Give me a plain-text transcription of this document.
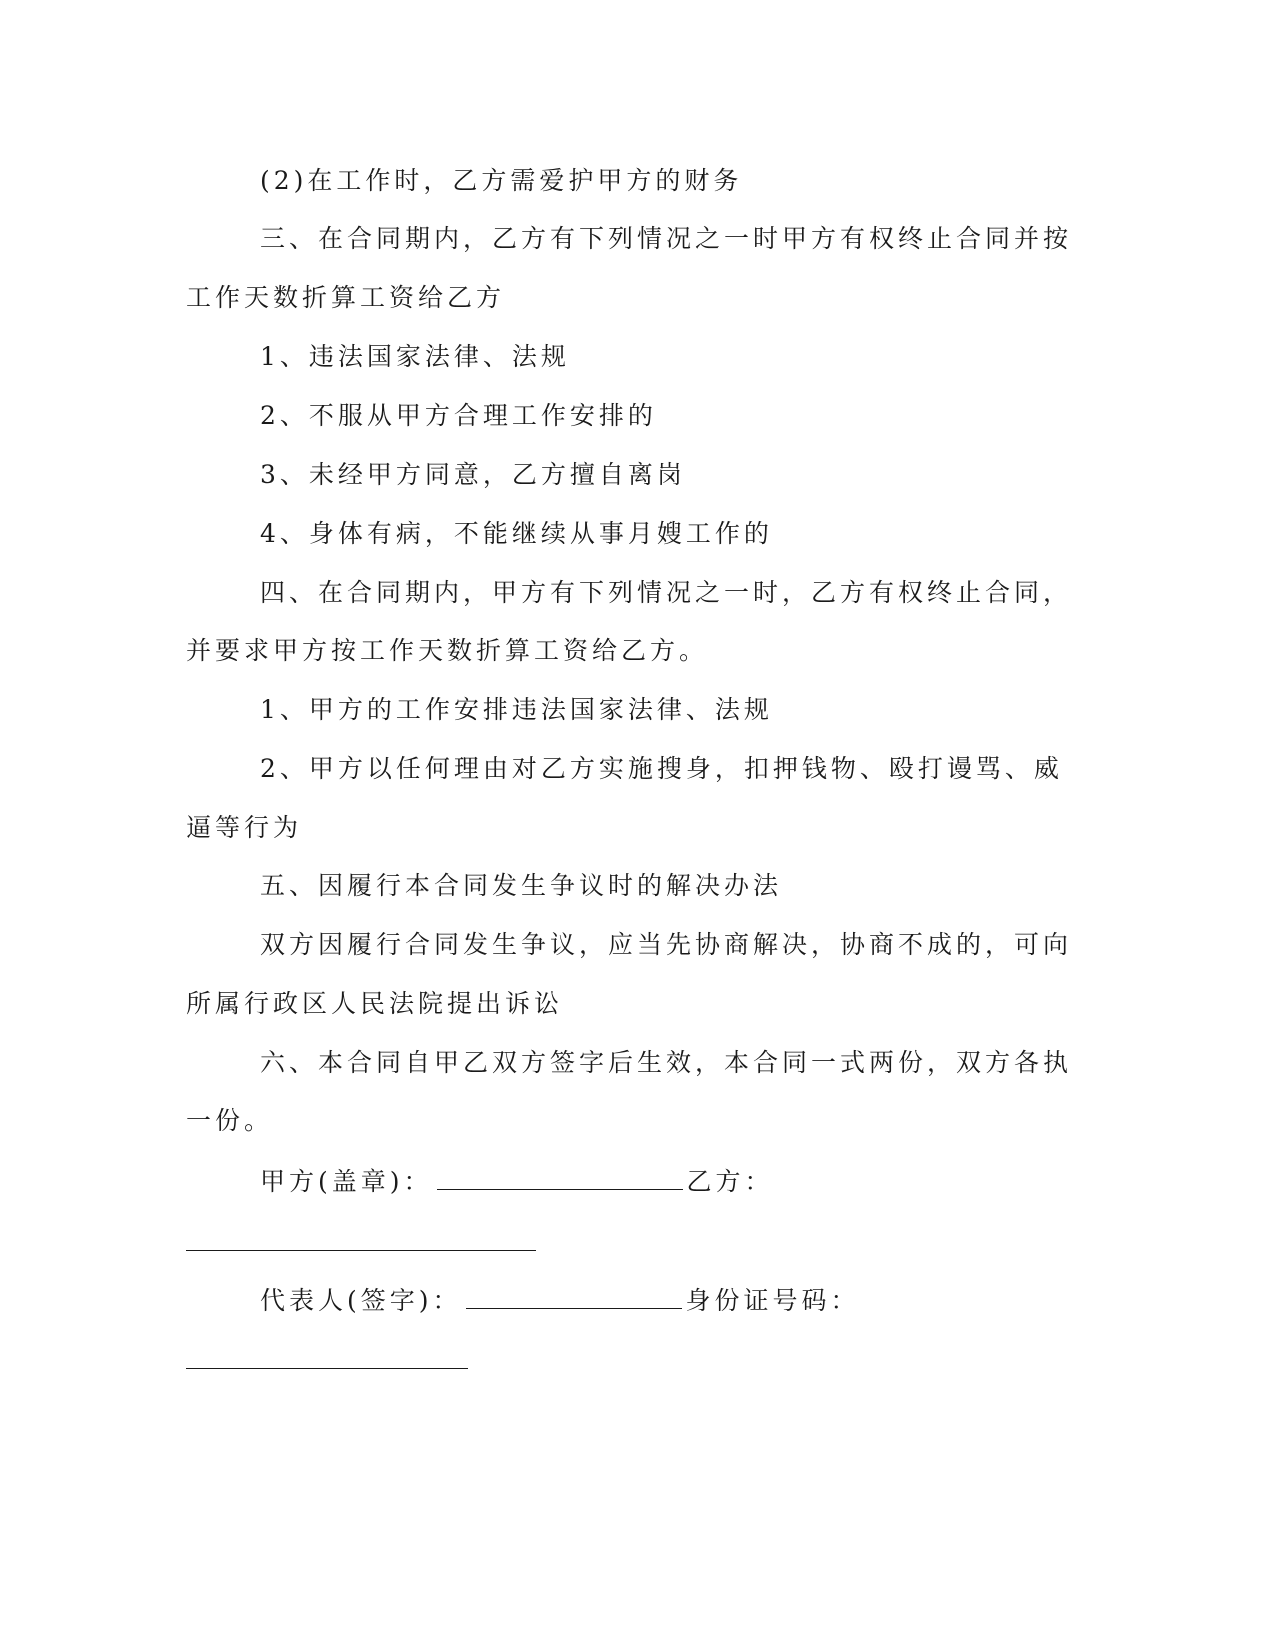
(2)在工作时，乙方需爱护甲方的财务
三、在合同期内，乙方有下列情况之一时甲方有权终止合同并按
工作天数折算工资给乙方
1、违法国家法律、法规
2、不服从甲方合理工作安排的
3、未经甲方同意，乙方擅自离岗
4、身体有病，不能继续从事月嫂工作的
四、在合同期内，甲方有下列情况之一时，乙方有权终止合同，
并要求甲方按工作天数折算工资给乙方。
1、甲方的工作安排违法国家法律、法规
2、甲方以任何理由对乙方实施搜身，扣押钱物、殴打谩骂、威
逼等行为
五、因履行本合同发生争议时的解决办法
双方因履行合同发生争议，应当先协商解决，协商不成的，可向
所属行政区人民法院提出诉讼
六、本合同自甲乙双方签字后生效，本合同一式两份，双方各执
一份。
甲方(盖章)：	乙方：
代表人(签字)：	身份证号码：
